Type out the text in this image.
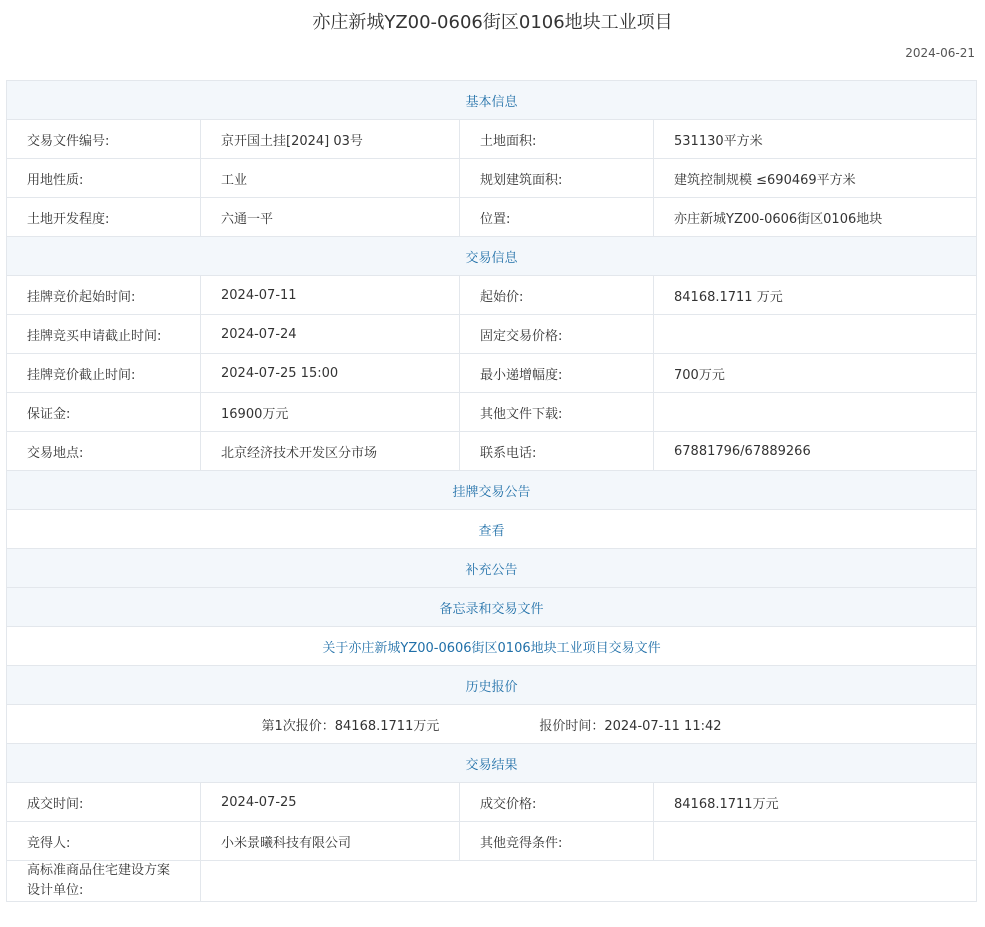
亦庄新城YZ00-0606街区0106地块工业项目
2024-06-21
基本信息			
交易文件编号:	京开国土挂[2024] 03号	土地面积:	531130平方米
用地性质:	工业	规划建筑面积:	建筑控制规模 ≤690469平方米
土地开发程度:	六通一平	位置:	亦庄新城YZ00-0606街区0106地块
交易信息			
挂牌竞价起始时间:	2024-07-11	起始价:	84168.1711 万元
挂牌竞买申请截止时间:	2024-07-24	固定交易价格:	
挂牌竞价截止时间:	2024-07-25 15:00	最小递增幅度:	700万元
保证金:	16900万元	其他文件下载:	
交易地点:	北京经济技术开发区分市场	联系电话:	67881796/67889266
挂牌交易公告			
查看			
补充公告			
备忘录和交易文件			
关于亦庄新城YZ00-0606街区0106地块工业项目交易文件			
历史报价			
第1次报价：84168.1711万元 报价时间：2024-07-11 11:42			
交易结果			
成交时间:	2024-07-25	成交价格:	84168.1711万元
竞得人:	小米景曦科技有限公司	其他竞得条件:	
高标准商品住宅建设方案设计单位:			
